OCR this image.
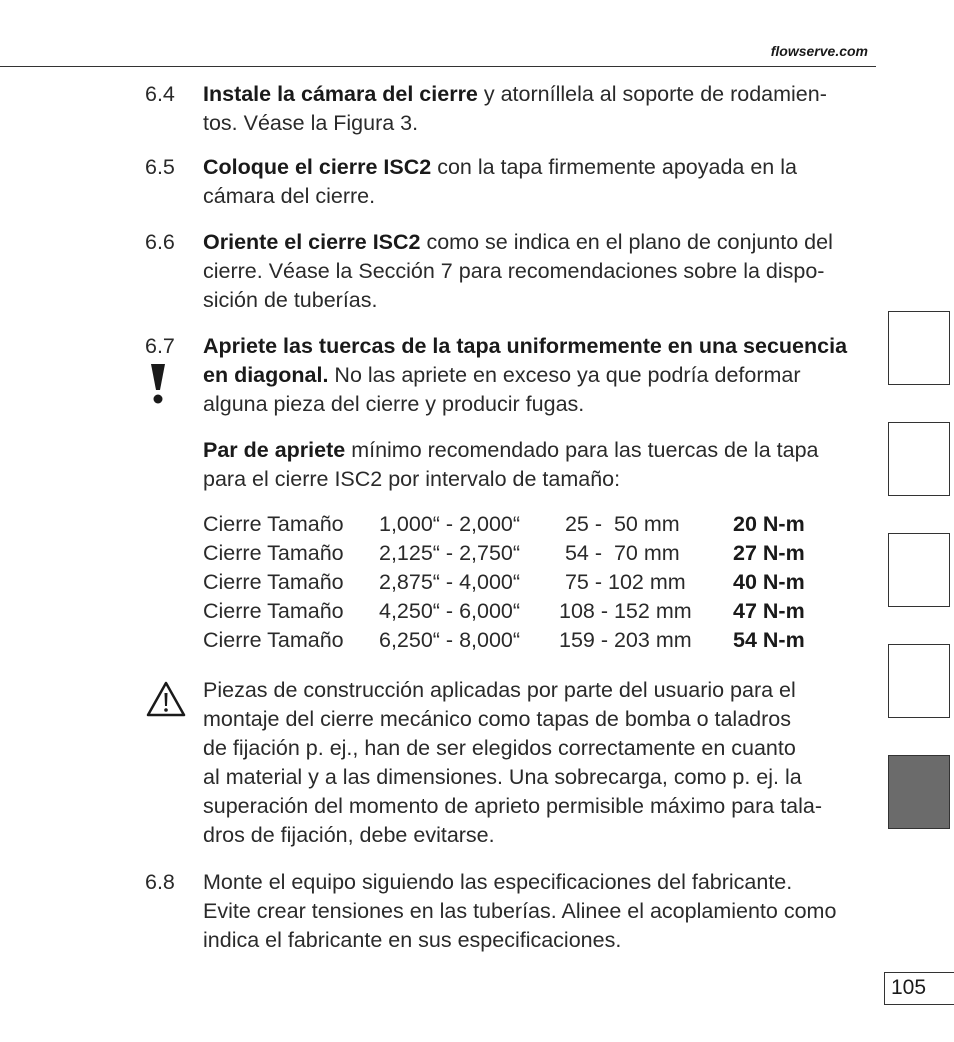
flowserve.com
6.4	Instale la cámara del cierre y atorníllela al soporte de rodamien-
tos. Véase la Figura 3.
6.5	Coloque el cierre ISC2 con la tapa firmemente apoyada en la
cámara del cierre.
6.6	Oriente el cierre ISC2 como se indica en el plano de conjunto del
cierre. Véase la Sección 7 para recomendaciones sobre la dispo-
sición de tuberías.
6.7	Apriete las tuercas de la tapa uniformemente en una secuencia
en diagonal. No las apriete en exceso ya que podría deformar
alguna pieza del cierre y producir fugas.
Par de apriete mínimo recomendado para las tuercas de la tapa
para el cierre ISC2 por intervalo de tamaño:
Cierre Tamaño	1,000“ - 2,000“	25 -  50 mm	20 N-m
Cierre Tamaño	2,125“ - 2,750“	54 -  70 mm	27 N-m
Cierre Tamaño	2,875“ - 4,000“	75 - 102 mm	40 N-m
Cierre Tamaño	4,250“ - 6,000“	108 - 152 mm	47 N-m
Cierre Tamaño	6,250“ - 8,000“	159 - 203 mm	54 N-m
Piezas de construcción aplicadas por parte del usuario para el
montaje del cierre mecánico como tapas de bomba o taladros
de fijación p. ej., han de ser elegidos correctamente en cuanto
al material y a las dimensiones. Una sobrecarga, como p. ej. la
superación del momento de aprieto permisible máximo para tala-
dros de fijación, debe evitarse.
6.8	Monte el equipo siguiendo las especificaciones del fabricante.
Evite crear tensiones en las tuberías. Alinee el acoplamiento como
indica el fabricante en sus especificaciones.
105
